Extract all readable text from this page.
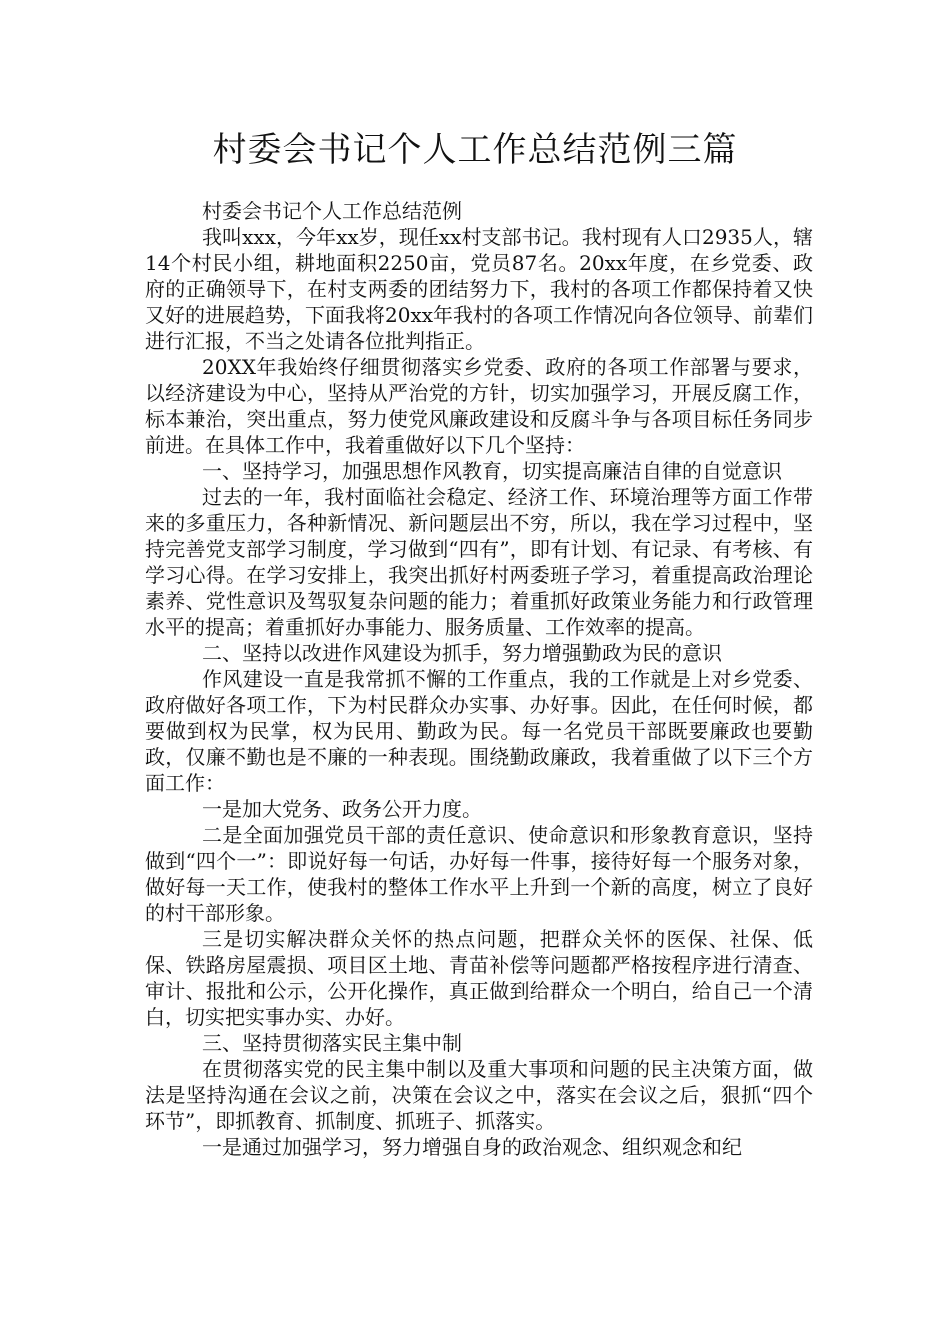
村委会书记个人工作总结范例三篇

村委会书记个人工作总结范例

我叫xxx，今年xx岁，现任xx村支部书记。我村现有人口2935人，辖14个村民小组，耕地面积2250亩，党员87名。20xx年度，在乡党委、政府的正确领导下，在村支两委的团结努力下，我村的各项工作都保持着又快又好的进展趋势，下面我将20xx年我村的各项工作情况向各位领导、前辈们进行汇报，不当之处请各位批判指正。

20XX年我始终仔细贯彻落实乡党委、政府的各项工作部署与要求，以经济建设为中心，坚持从严治党的方针，切实加强学习，开展反腐工作，标本兼治，突出重点，努力使党风廉政建设和反腐斗争与各项目标任务同步前进。在具体工作中，我着重做好以下几个坚持：

一、坚持学习，加强思想作风教育，切实提高廉洁自律的自觉意识

过去的一年，我村面临社会稳定、经济工作、环境治理等方面工作带来的多重压力，各种新情况、新问题层出不穷，所以，我在学习过程中，坚持完善党支部学习制度，学习做到“四有”，即有计划、有记录、有考核、有学习心得。在学习安排上，我突出抓好村两委班子学习，着重提高政治理论素养、党性意识及驾驭复杂问题的能力；着重抓好政策业务能力和行政管理水平的提高；着重抓好办事能力、服务质量、工作效率的提高。

二、坚持以改进作风建设为抓手，努力增强勤政为民的意识

作风建设一直是我常抓不懈的工作重点，我的工作就是上对乡党委、政府做好各项工作，下为村民群众办实事、办好事。因此，在任何时候，都要做到权为民掌，权为民用、勤政为民。每一名党员干部既要廉政也要勤政，仅廉不勤也是不廉的一种表现。围绕勤政廉政，我着重做了以下三个方面工作：

一是加大党务、政务公开力度。

二是全面加强党员干部的责任意识、使命意识和形象教育意识，坚持做到“四个一”：即说好每一句话，办好每一件事，接待好每一个服务对象，做好每一天工作，使我村的整体工作水平上升到一个新的高度，树立了良好的村干部形象。

三是切实解决群众关怀的热点问题，把群众关怀的医保、社保、低保、铁路房屋震损、项目区土地、青苗补偿等问题都严格按程序进行清查、审计、报批和公示，公开化操作，真正做到给群众一个明白，给自己一个清白，切实把实事办实、办好。

三、坚持贯彻落实民主集中制

在贯彻落实党的民主集中制以及重大事项和问题的民主决策方面，做法是坚持沟通在会议之前，决策在会议之中，落实在会议之后，狠抓“四个环节”，即抓教育、抓制度、抓班子、抓落实。

一是通过加强学习，努力增强自身的政治观念、组织观念和纪
